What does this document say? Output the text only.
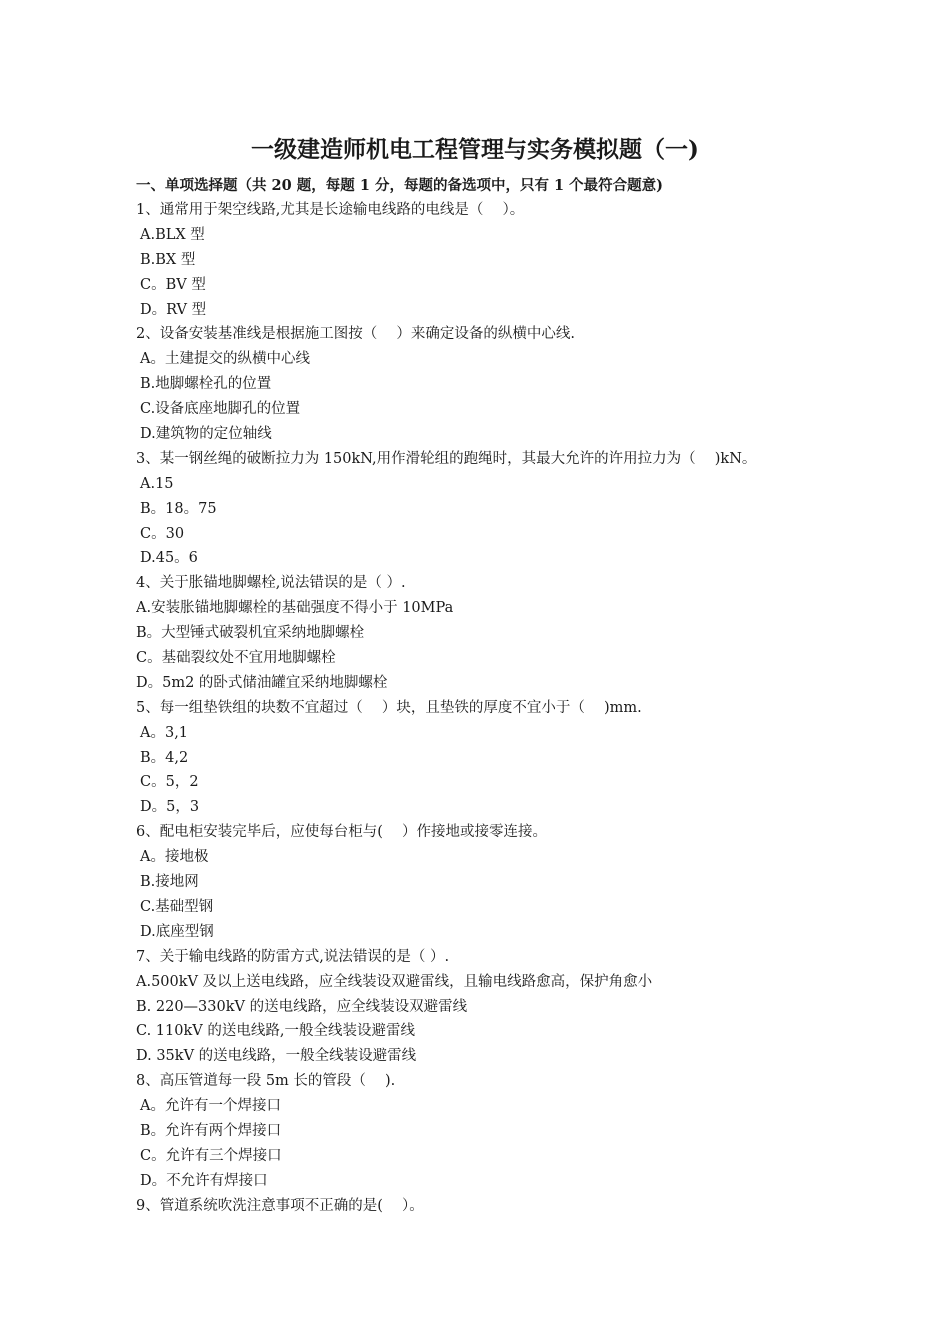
一级建造师机电工程管理与实务模拟题（一)
一、单项选择题（共 20 题，每题 1 分，每题的备选项中，只有 1 个最符合题意)
1、通常用于架空线路,尤其是长途输电线路的电线是（　 ）。
A.BLX 型
B.BX 型
C。BV 型
D。RV 型
2、设备安装基准线是根据施工图按（　 ）来确定设备的纵横中心线.
A。土建提交的纵横中心线
B.地脚螺栓孔的位置
C.设备底座地脚孔的位置
D.建筑物的定位轴线
3、某一钢丝绳的破断拉力为 150kN,用作滑轮组的跑绳时，其最大允许的许用拉力为（　 )kN。
A.15
B。18。75
C。30
D.45。6
4、关于胀锚地脚螺栓,说法错误的是（ ）.
A.安装胀锚地脚螺栓的基础强度不得小于 10MPa
B。大型锤式破裂机宜采纳地脚螺栓
C。基础裂纹处不宜用地脚螺栓
D。5m2 的卧式储油罐宜采纳地脚螺栓
5、每一组垫铁组的块数不宜超过（　 ）块，且垫铁的厚度不宜小于（　 )mm.
A。3,1
B。4,2
C。5，2
D。5，3
6、配电柜安装完毕后，应使每台柜与(　 ）作接地或接零连接。
A。接地极
B.接地网
C.基础型钢
D.底座型钢
7、关于输电线路的防雷方式,说法错误的是（ ）.
A.500kV 及以上送电线路，应全线装设双避雷线，且输电线路愈高，保护角愈小
B. 220—330kV 的送电线路，应全线装设双避雷线
C. 110kV 的送电线路,一般全线装设避雷线
D. 35kV 的送电线路，一般全线装设避雷线
8、高压管道每一段 5m 长的管段（　 ).
A。允许有一个焊接口
B。允许有两个焊接口
C。允许有三个焊接口
D。不允许有焊接口
9、管道系统吹洗注意事项不正确的是(　 ）。
